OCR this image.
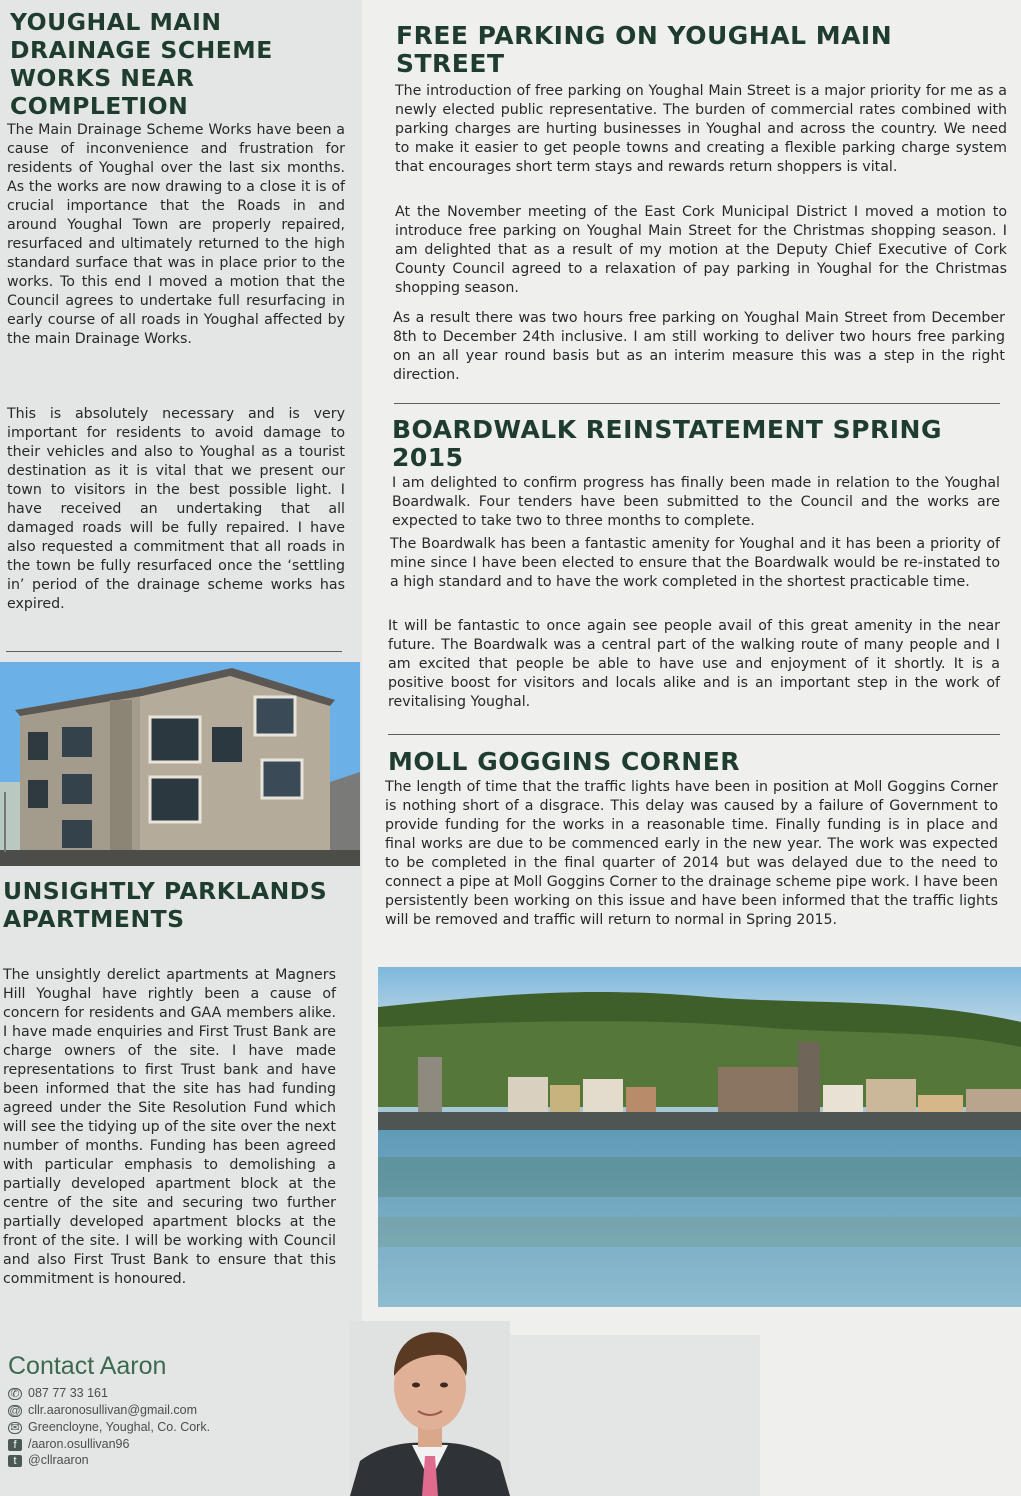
YOUGHAL MAIN DRAINAGE SCHEME WORKS NEAR COMPLETION

The Main Drainage Scheme Works have been a cause of inconvenience and frustration for residents of Youghal over the last six months. As the works are now drawing to a close it is of crucial importance that the Roads in and around Youghal Town are properly repaired, resurfaced and ultimately returned to the high standard surface that was in place prior to the works. To this end I moved a motion that the Council agrees to undertake full resurfacing in early course of all roads in Youghal affected by the main Drainage Works.

This is absolutely necessary and is very important for residents to avoid damage to their vehicles and also to Youghal as a tourist destination as it is vital that we present our town to visitors in the best possible light. I have received an undertaking that all damaged roads will be fully repaired. I have also requested a commitment that all roads in the town be fully resurfaced once the ‘settling in’ period of the drainage scheme works has expired.

UNSIGHTLY PARKLANDS APARTMENTS

The unsightly derelict apartments at Magners Hill Youghal have rightly been a cause of concern for residents and GAA members alike. I have made enquiries and First Trust Bank are charge owners of the site. I have made representations to first Trust bank and have been informed that the site has had funding agreed under the Site Resolution Fund which will see the tidying up of the site over the next number of months. Funding has been agreed with particular emphasis to demolishing a partially developed apartment block at the centre of the site and securing two further partially developed apartment blocks at the front of the site. I will be working with Council and also First Trust Bank to ensure that this commitment is honoured.

FREE PARKING ON YOUGHAL MAIN STREET

The introduction of free parking on Youghal Main Street is a major priority for me as a newly elected public representative. The burden of commercial rates combined with parking charges are hurting businesses in Youghal and across the country. We need to make it easier to get people towns and creating a flexible parking charge system that encourages short term stays and rewards return shoppers is vital.

At the November meeting of the East Cork Municipal District I moved a motion to introduce free parking on Youghal Main Street for the Christmas shopping season. I am delighted that as a result of my motion at the Deputy Chief Executive of Cork County Council agreed to a relaxation of pay parking in Youghal for the Christmas shopping season.

As a result there was two hours free parking on Youghal Main Street from December 8th to December 24th inclusive. I am still working to deliver two hours free parking on an all year round basis but as an interim measure this was a step in the right direction.

BOARDWALK REINSTATEMENT SPRING 2015

I am delighted to confirm progress has finally been made in relation to the Youghal Boardwalk. Four tenders have been submitted to the Council and the works are expected to take two to three months to complete.

The Boardwalk has been a fantastic amenity for Youghal and it has been a priority of mine since I have been elected to ensure that the Boardwalk would be re-instated to a high standard and to have the work completed in the shortest practicable time.

It will be fantastic to once again see people avail of this great amenity in the near future. The Boardwalk was a central part of the walking route of many people and I am excited that people be able to have use and enjoyment of it shortly. It is a positive boost for visitors and locals alike and is an important step in the work of revitalising Youghal.

MOLL GOGGINS CORNER

The length of time that the traffic lights have been in position at Moll Goggins Corner is nothing short of a disgrace. This delay was caused by a failure of Government to provide funding for the works in a reasonable time. Finally funding is in place and final works are due to be commenced early in the new year. The work was expected to be completed in the final quarter of 2014 but was delayed due to the need to connect a pipe at Moll Goggins Corner to the drainage scheme pipe work. I have been persistently been working on this issue and have been informed that the traffic lights will be removed and traffic will return to normal in Spring 2015.

Contact Aaron
✆ 087 77 33 161
@ cllr.aaronosullivan@gmail.com
✉ Greencloyne, Youghal, Co. Cork.
f /aaron.osullivan96
t @cllraaron
